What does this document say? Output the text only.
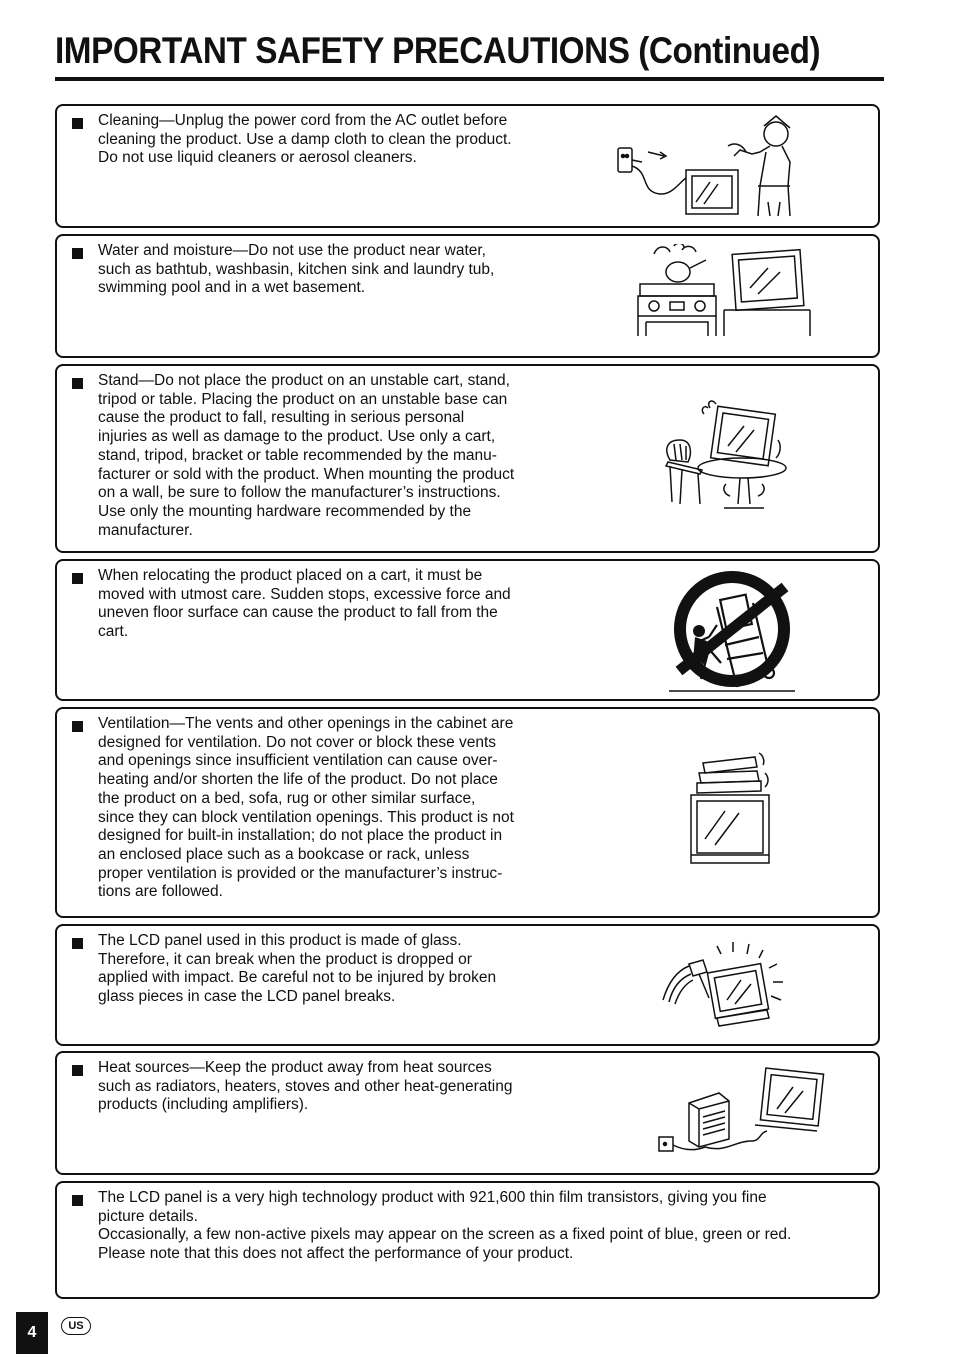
IMPORTANT SAFETY PRECAUTIONS (Continued)

Cleaning—Unplug the power cord from the AC outlet before
cleaning the product. Use a damp cloth to clean the product.
Do not use liquid cleaners or aerosol cleaners.

Water and moisture—Do not use the product near water,
such as bathtub, washbasin, kitchen sink and laundry tub,
swimming pool and in a wet basement.

Stand—Do not place the product on an unstable cart, stand,
tripod or table. Placing the product on an unstable base can
cause the product to fall, resulting in serious personal
injuries as well as damage to the product. Use only a cart,
stand, tripod, bracket or table recommended by the manu-
facturer or sold with the product. When mounting the product
on a wall, be sure to follow the manufacturer’s instructions.
Use only the mounting hardware recommended by the
manufacturer.

When relocating the product placed on a cart, it must be
moved with utmost care. Sudden stops, excessive force and
uneven floor surface can cause the product to fall from the
cart.

Ventilation—The vents and other openings in the cabinet are
designed for ventilation. Do not cover or block these vents
and openings since insufficient ventilation can cause over-
heating and/or shorten the life of the product. Do not place
the product on a bed, sofa, rug or other similar surface,
since they can block ventilation openings. This product is not
designed for built-in installation; do not place the product in
an enclosed place such as a bookcase or rack, unless
proper ventilation is provided or the manufacturer’s instruc-
tions are followed.

The LCD panel used in this product is made of glass.
Therefore, it can break when the product is dropped or
applied with impact. Be careful not to be injured by broken
glass pieces in case the LCD panel breaks.

Heat sources—Keep the product away from heat sources
such as radiators, heaters, stoves and other heat-generating
products (including amplifiers).

The LCD panel is a very high technology product with 921,600 thin film transistors, giving you fine
picture details.
Occasionally, a few non-active pixels may appear on the screen as a fixed point of blue, green or red.
Please note that this does not affect the performance of your product.

4	US
